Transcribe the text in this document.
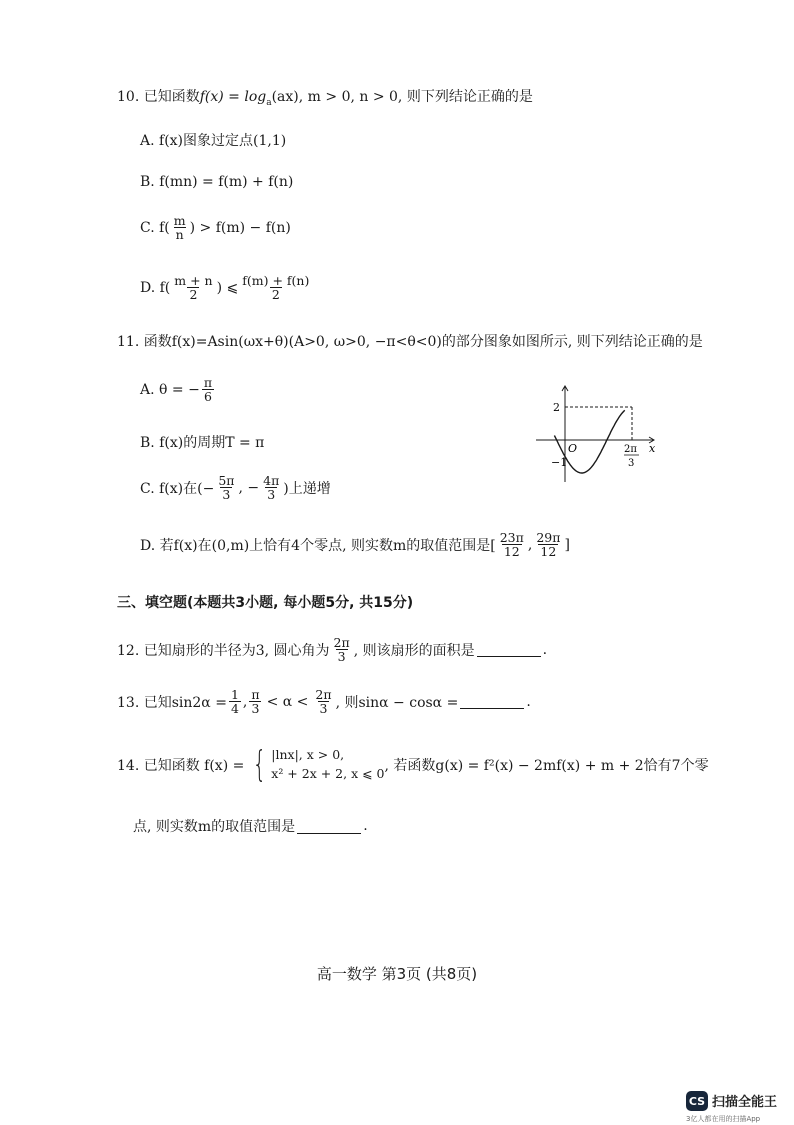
10. 已知函数$f(x) = \log_a(ax)$, m > 0, n > 0, 则下列结论正确的是
A. f(x)图象过定点(1,1)
B. f(mn) = f(m) + f(n)
C. $f( \frac{m}{n}$ ) > f(m) − f(n)
D. $f( \frac{m + n}{2}$ ) ⩽ $\frac{f(m) + f(n)}{2}$
11. 函数f(x)=Asin(ωx+θ)(A>0, ω>0, −π<θ<0)的部分图象如图所示, 则下列结论正确的是
A. θ = − $\frac{\pi}{6}$
B. f(x)的周期T = π
C. f(x)在(− $\frac{5\pi}{3}$ , − $\frac{4\pi}{3}$ )上递增
D. 若f(x)在(0,m)上恰有4个零点, 则实数m的取值范围是[ $\frac{23\pi}{12}$ , $\frac{29\pi}{12}$ ]
2
−1
O	x
2π
3
三、填空题(本题共3小题, 每小题5分, 共15分)
12. 已知扇形的半径为3, 圆心角为 $\frac{2\pi}{3}$ , 则该扇形的面积是	.
13. 已知$\sin 2\alpha = \frac{1}{4}$ , $\frac{\pi}{3} < \alpha < \frac{2\pi}{3}$ , 则sinα − cosα =	.
14. 已知函数 f(x) = { |lnx|, x > 0,
x² + 2x + 2, x ⩽ 0 , 若函数g(x) = f²(x) − 2mf(x) + m + 2恰有7个零
点, 则实数m的取值范围是	.
高一数学 第3页 (共8页)
CS 扫描全能王
3亿人都在用的扫描App
